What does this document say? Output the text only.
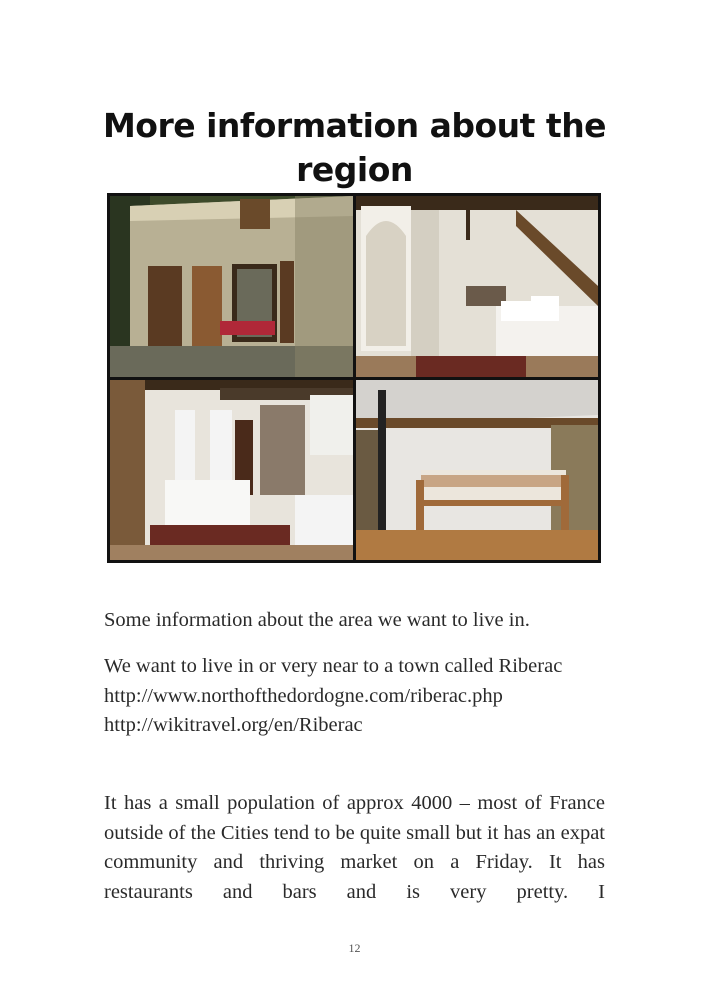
More information about the region
Some information about the area we want to live in.
We want to live in or very near to a town called Riberac
http://www.northofthedordogne.com/riberac.php
http://wikitravel.org/en/Riberac
It has a small population of approx 4000 – most of France outside of the Cities tend to be quite small but it has an expat community and thriving market on a Friday. It has restaurants and bars and is very pretty. I
12
